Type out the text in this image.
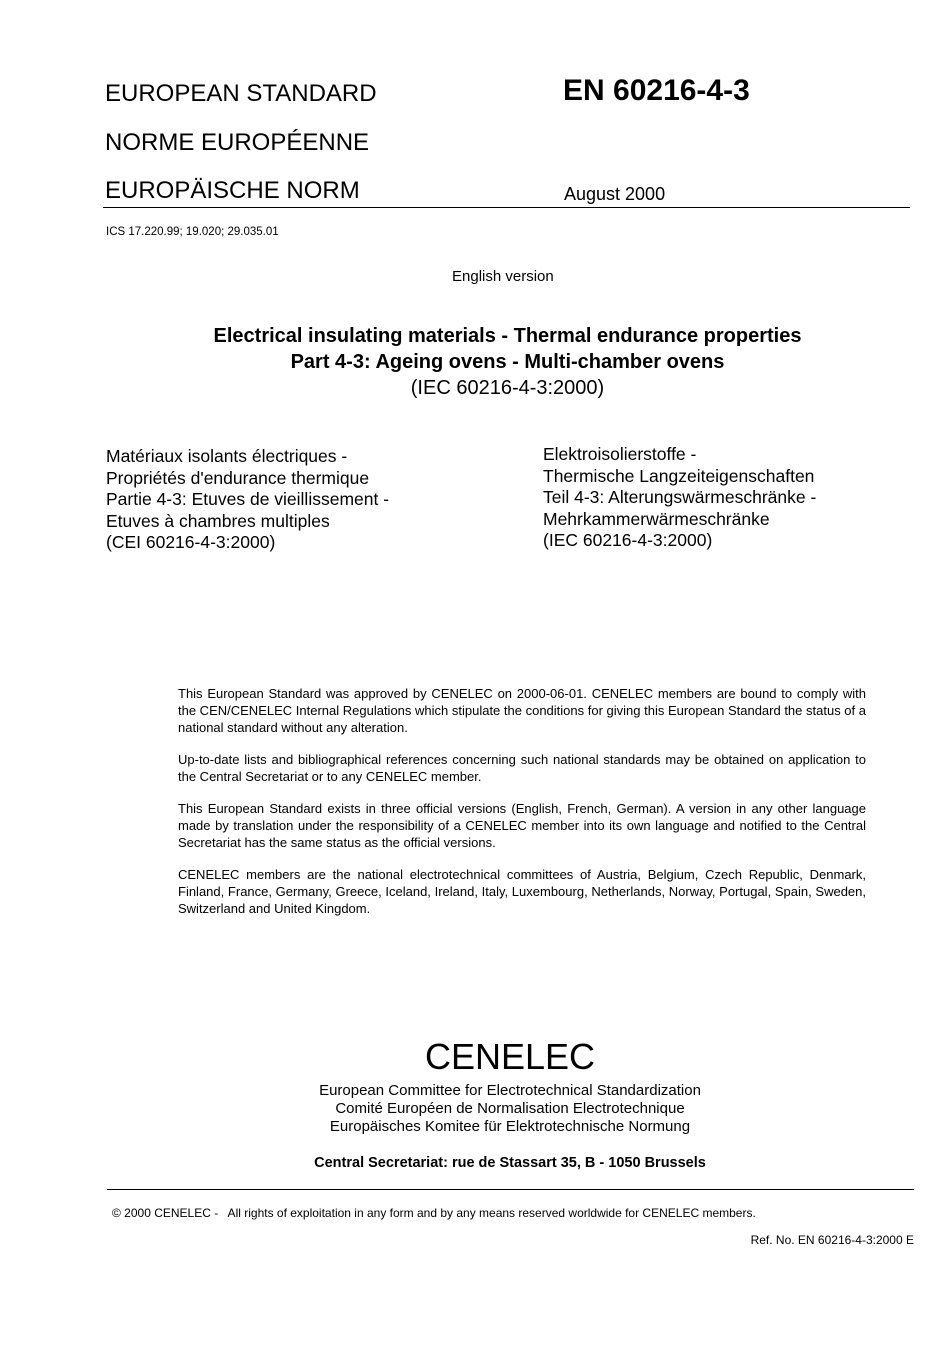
EUROPEAN STANDARD
NORME EUROPÉENNE
EUROPÄISCHE NORM
EN 60216-4-3
August 2000
ICS 17.220.99; 19.020; 29.035.01
English version
Electrical insulating materials - Thermal endurance properties
Part 4-3: Ageing ovens - Multi-chamber ovens
(IEC 60216-4-3:2000)
Matériaux isolants électriques -
Propriétés d'endurance thermique
Partie 4-3: Etuves de vieillissement -
Etuves à chambres multiples
(CEI 60216-4-3:2000)
Elektroisolierstoffe -
Thermische Langzeiteigenschaften
Teil 4-3: Alterungswärmeschränke -
Mehrkammerwärmeschränke
(IEC 60216-4-3:2000)

This European Standard was approved by CENELEC on 2000-06-01. CENELEC members are bound to comply with the CEN/CENELEC Internal Regulations which stipulate the conditions for giving this European Standard the status of a national standard without any alteration.

Up-to-date lists and bibliographical references concerning such national standards may be obtained on application to the Central Secretariat or to any CENELEC member.

This European Standard exists in three official versions (English, French, German). A version in any other language made by translation under the responsibility of a CENELEC member into its own language and notified to the Central Secretariat has the same status as the official versions.

CENELEC members are the national electrotechnical committees of Austria, Belgium, Czech Republic, Denmark, Finland, France, Germany, Greece, Iceland, Ireland, Italy, Luxembourg, Netherlands, Norway, Portugal, Spain, Sweden, Switzerland and United Kingdom.

CENELEC
European Committee for Electrotechnical Standardization
Comité Européen de Normalisation Electrotechnique
Europäisches Komitee für Elektrotechnische Normung
Central Secretariat: rue de Stassart 35, B - 1050 Brussels
© 2000 CENELEC -   All rights of exploitation in any form and by any means reserved worldwide for CENELEC members.
Ref. No. EN 60216-4-3:2000 E
